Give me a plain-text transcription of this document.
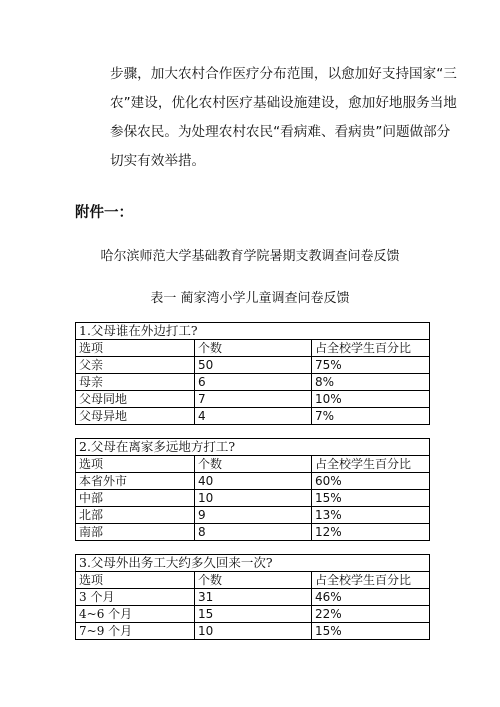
步骤，加大农村合作医疗分布范围，以愈加好支持国家“三
农”建设，优化农村医疗基础设施建设，愈加好地服务当地
参保农民。为处理农村农民“看病难、看病贵”问题做部分
切实有效举措。
附件一：
哈尔滨师范大学基础教育学院暑期支教调查问卷反馈
表一 蔺家湾小学儿童调查问卷反馈
1.父母谁在外边打工?		
选项	个数	占全校学生百分比
父亲	50	75%
母亲	6	8%
父母同地	7	10%
父母异地	4	7%
2.父母在离家多远地方打工?		
选项	个数	占全校学生百分比
本省外市	40	60%
中部	10	15%
北部	9	13%
南部	8	12%
3.父母外出务工大约多久回来一次?		
选项	个数	占全校学生百分比
3 个月	31	46%
4~6 个月	15	22%
7~9 个月	10	15%
